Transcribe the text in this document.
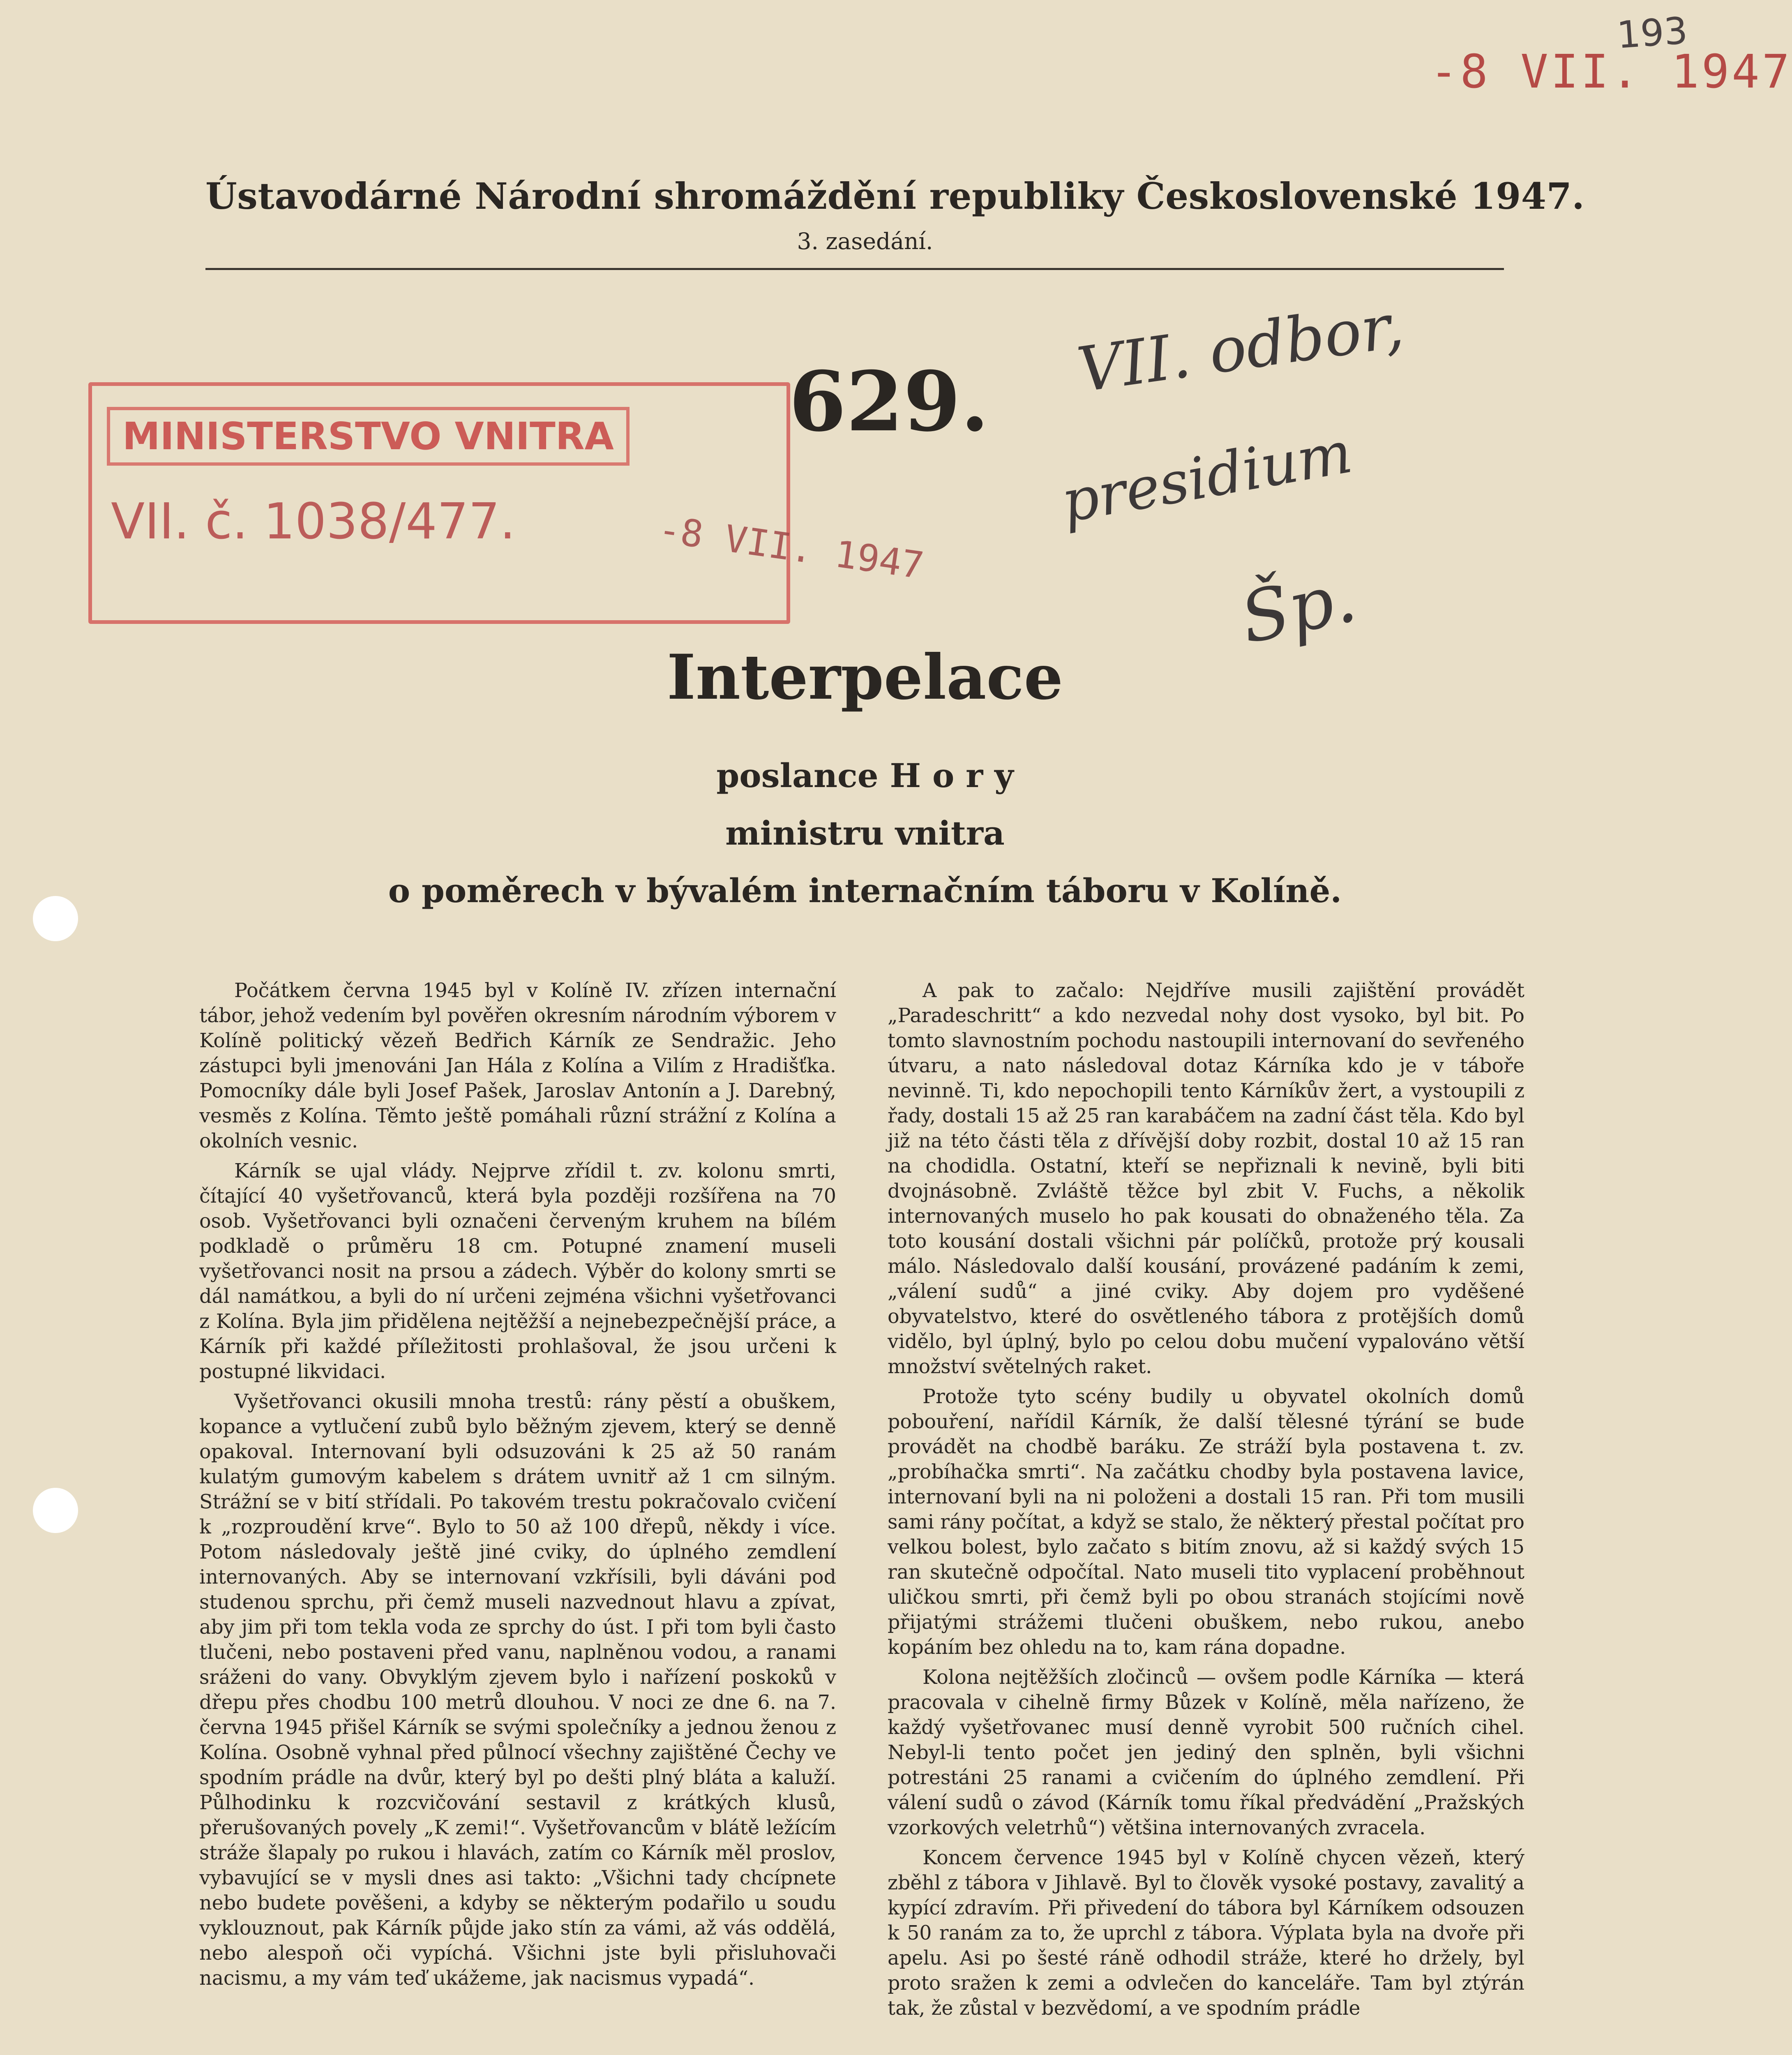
193
-8 VII. 1947
Ústavodárné Národní shromáždění republiky Československé 1947.
3. zasedání.
MINISTERSTVO VNITRA
VII. č. 1038/477.	-8 VII. 1947
629. VII. odbor,
presidium
Šp.
Interpelace
poslance H o r y
ministru vnitra
o poměrech v bývalém internačním táboru v Kolíně.

Počátkem června 1945 byl v Kolíně IV. zřízen internační tábor, jehož vedením byl pověřen okresním národním výborem v Kolíně politický vězeň Bedřich Kárník ze Sendražic. Jeho zástupci byli jmenováni Jan Hála z Kolína a Vilím z Hradišťka. Pomocníky dále byli Josef Pašek, Jaroslav Antonín a J. Darebný, vesměs z Kolína. Těmto ještě pomáhali různí strážní z Kolína a okolních vesnic.

Kárník se ujal vlády. Nejprve zřídil t. zv. kolonu smrti, čítající 40 vyšetřovanců, která byla později rozšířena na 70 osob. Vyšetřovanci byli označeni červeným kruhem na bílém podkladě o průměru 18 cm. Potupné znamení museli vyšetřovanci nosit na prsou a zádech. Výběr do kolony smrti se dál namátkou, a byli do ní určeni zejména všichni vyšetřovanci z Kolína. Byla jim přidělena nejtěžší a nejnebezpečnější práce, a Kárník při každé příležitosti prohlašoval, že jsou určeni k postupné likvidaci.

Vyšetřovanci okusili mnoha trestů: rány pěstí a obuškem, kopance a vytlučení zubů bylo běžným zjevem, který se denně opakoval. Internovaní byli odsuzováni k 25 až 50 ranám kulatým gumovým kabelem s drátem uvnitř až 1 cm silným. Strážní se v bití střídali. Po takovém trestu pokračovalo cvičení k „rozproudění krve“. Bylo to 50 až 100 dřepů, někdy i více. Potom následovaly ještě jiné cviky, do úplného zemdlení internovaných. Aby se internovaní vzkřísili, byli dáváni pod studenou sprchu, při čemž museli nazvednout hlavu a zpívat, aby jim při tom tekla voda ze sprchy do úst. I při tom byli často tlučeni, nebo postaveni před vanu, naplněnou vodou, a ranami sráženi do vany. Obvyklým zjevem bylo i nařízení poskoků v dřepu přes chodbu 100 metrů dlouhou. V noci ze dne 6. na 7. června 1945 přišel Kárník se svými společníky a jednou ženou z Kolína. Osobně vyhnal před půlnocí všechny zajištěné Čechy ve spodním prádle na dvůr, který byl po dešti plný bláta a kaluží. Půlhodinku k rozcvičování sestavil z krátkých klusů, přerušovaných povely „K zemi!“. Vyšetřovancům v blátě ležícím stráže šlapaly po rukou i hlavách, zatím co Kárník měl proslov, vybavující se v mysli dnes asi takto: „Všichni tady chcípnete nebo budete pověšeni, a kdyby se některým podařilo u soudu vyklouznout, pak Kárník půjde jako stín za vámi, až vás oddělá, nebo alespoň oči vypíchá. Všichni jste byli přisluhovači nacismu, a my vám teď ukážeme, jak nacismus vypadá“.

A pak to začalo: Nejdříve musili zajištění provádět „Paradeschritt“ a kdo nezvedal nohy dost vysoko, byl bit. Po tomto slavnostním pochodu nastoupili internovaní do sevřeného útvaru, a nato následoval dotaz Kárníka kdo je v táboře nevinně. Ti, kdo nepochopili tento Kárníkův žert, a vystoupili z řady, dostali 15 až 25 ran karabáčem na zadní část těla. Kdo byl již na této části těla z dřívější doby rozbit, dostal 10 až 15 ran na chodidla. Ostatní, kteří se nepřiznali k nevině, byli biti dvojnásobně. Zvláště těžce byl zbit V. Fuchs, a několik internovaných muselo ho pak kousati do obnaženého těla. Za toto kousání dostali všichni pár políčků, protože prý kousali málo. Následovalo další kousání, provázené padáním k zemi, „válení sudů“ a jiné cviky. Aby dojem pro vyděšené obyvatelstvo, které do osvětleného tábora z protějších domů vidělo, byl úplný, bylo po celou dobu mučení vypalováno větší množství světelných raket.

Protože tyto scény budily u obyvatel okolních domů pobouření, nařídil Kárník, že další tělesné týrání se bude provádět na chodbě baráku. Ze stráží byla postavena t. zv. „probíhačka smrti“. Na začátku chodby byla postavena lavice, internovaní byli na ni položeni a dostali 15 ran. Při tom musili sami rány počítat, a když se stalo, že některý přestal počítat pro velkou bolest, bylo začato s bitím znovu, až si každý svých 15 ran skutečně odpočítal. Nato museli tito vyplacení proběhnout uličkou smrti, při čemž byli po obou stranách stojícími nově přijatými strážemi tlučeni obuškem, nebo rukou, anebo kopáním bez ohledu na to, kam rána dopadne.

Kolona nejtěžších zločinců — ovšem podle Kárníka — která pracovala v cihelně firmy Bůzek v Kolíně, měla nařízeno, že každý vyšetřovanec musí denně vyrobit 500 ručních cihel. Nebyl-li tento počet jen jediný den splněn, byli všichni potrestáni 25 ranami a cvičením do úplného zemdlení. Při válení sudů o závod (Kárník tomu říkal předvádění „Pražských vzorkových veletrhů“) většina internovaných zvracela.

Koncem července 1945 byl v Kolíně chycen vězeň, který zběhl z tábora v Jihlavě. Byl to člověk vysoké postavy, zavalitý a kypící zdravím. Při přivedení do tábora byl Kárníkem odsouzen k 50 ranám za to, že uprchl z tábora. Výplata byla na dvoře při apelu. Asi po šesté ráně odhodil stráže, které ho držely, byl proto sražen k zemi a odvlečen do kanceláře. Tam byl ztýrán tak, že zůstal v bezvědomí, a ve spodním prádle
